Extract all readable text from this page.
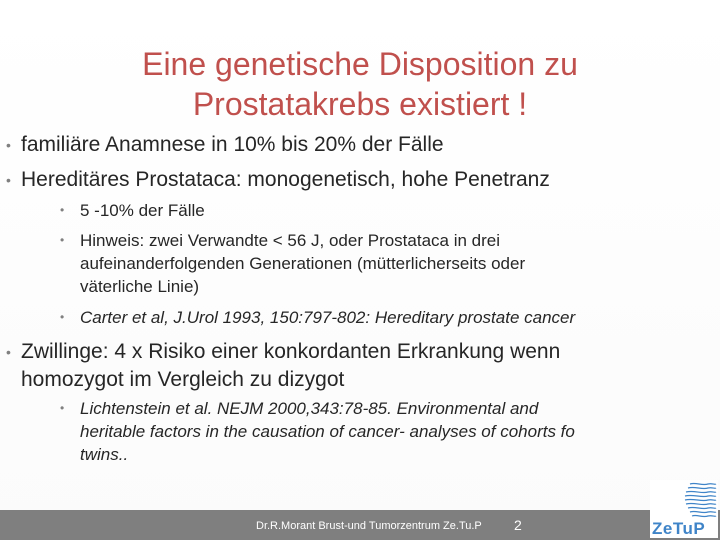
Eine genetische Disposition zu
Prostatakrebs existiert !
• familiäre Anamnese in 10% bis 20% der Fälle
• Hereditäres Prostataca: monogenetisch, hohe Penetranz
• 5 -10% der Fälle
• Hinweis: zwei Verwandte < 56 J, oder Prostataca in drei
aufeinanderfolgenden Generationen (mütterlicherseits oder
väterliche Linie)
• Carter et al, J.Urol 1993, 150:797-802: Hereditary prostate cancer
• Zwillinge: 4 x Risiko einer konkordanten Erkrankung wenn
homozygot im Vergleich zu dizygot
• Lichtenstein et al. NEJM 2000,343:78-85. Environmental and
heritable factors in the causation of cancer- analyses of cohorts fo
twins..
Dr.R.Morant Brust-und Tumorzentrum Ze.Tu.P 2	ZeTuP
